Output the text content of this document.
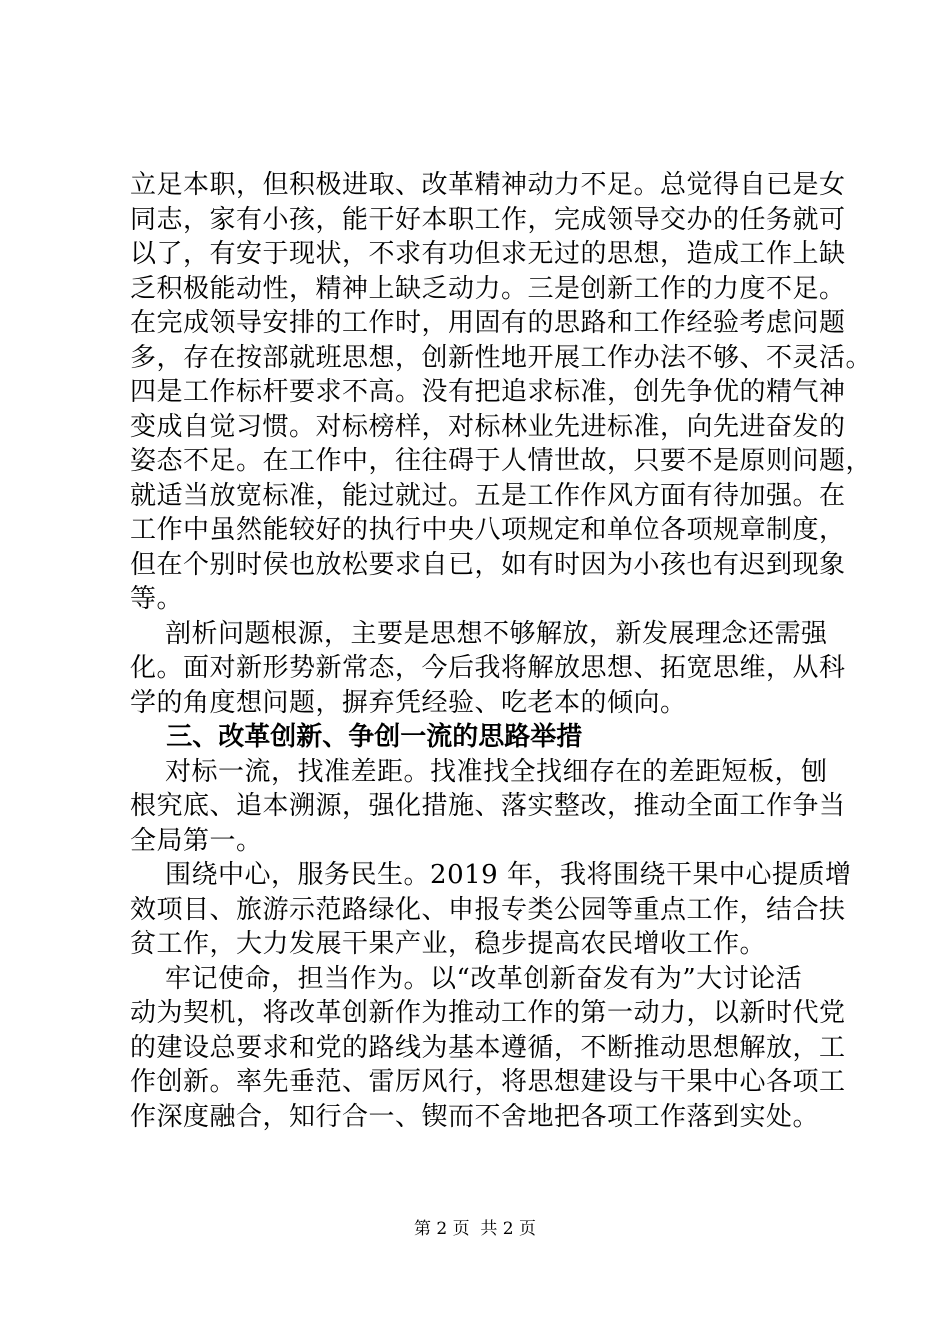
立足本职，但积极进取、改革精神动力不足。总觉得自已是女
同志，家有小孩，能干好本职工作，完成领导交办的任务就可
以了，有安于现状，不求有功但求无过的思想，造成工作上缺
乏积极能动性，精神上缺乏动力。三是创新工作的力度不足。
在完成领导安排的工作时，用固有的思路和工作经验考虑问题
多，存在按部就班思想，创新性地开展工作办法不够、不灵活。
四是工作标杆要求不高。没有把追求标准，创先争优的精气神
变成自觉习惯。对标榜样，对标林业先进标准，向先进奋发的
姿态不足。在工作中，往往碍于人情世故，只要不是原则问题，
就适当放宽标准，能过就过。五是工作作风方面有待加强。在
工作中虽然能较好的执行中央八项规定和单位各项规章制度，
但在个别时侯也放松要求自已，如有时因为小孩也有迟到现象
等。
剖析问题根源，主要是思想不够解放，新发展理念还需强
化。面对新形势新常态，今后我将解放思想、拓宽思维，从科
学的角度想问题，摒弃凭经验、吃老本的倾向。
三、改革创新、争创一流的思路举措
对标一流，找准差距。找准找全找细存在的差距短板，刨
根究底、追本溯源，强化措施、落实整改，推动全面工作争当
全局第一。
围绕中心，服务民生。2019 年，我将围绕干果中心提质增
效项目、旅游示范路绿化、申报专类公园等重点工作，结合扶
贫工作，大力发展干果产业，稳步提高农民增收工作。
牢记使命，担当作为。以“改革创新奋发有为”大讨论活
动为契机，将改革创新作为推动工作的第一动力，以新时代党
的建设总要求和党的路线为基本遵循，不断推动思想解放，工
作创新。率先垂范、雷厉风行，将思想建设与干果中心各项工
作深度融合，知行合一、锲而不舍地把各项工作落到实处。
第 2 页  共 2 页
